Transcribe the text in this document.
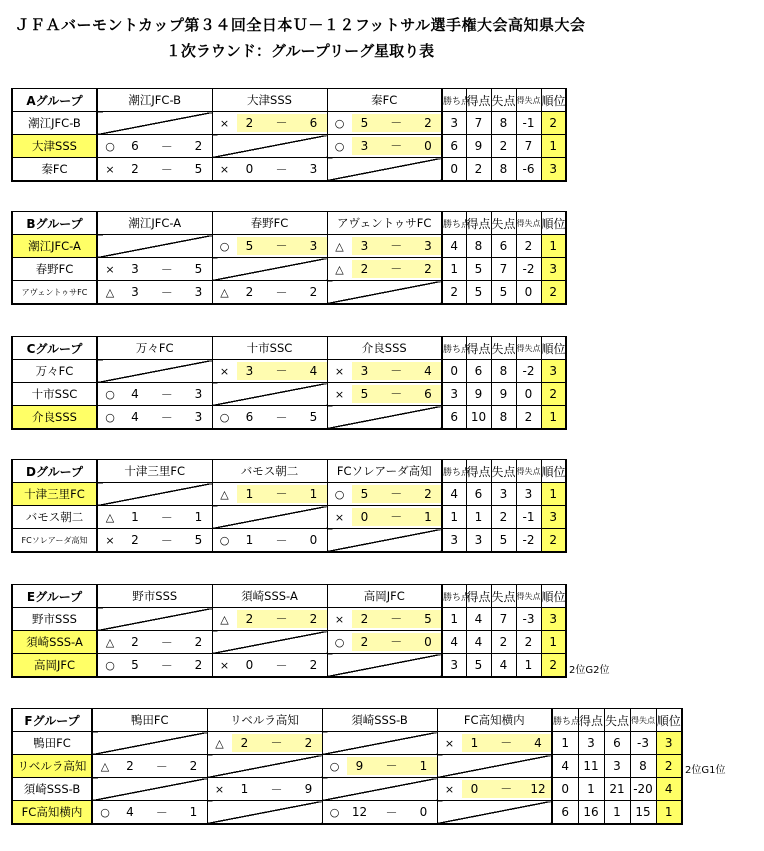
ＪＦＡバーモントカップ第３４回全日本Ｕ－１２フットサル選手権大会高知県大会
１次ラウンド：グループリーグ星取り表
Aグループ	潮江JFC-B	大津SSS	秦FC	勝ち点	得点	失点	得失点	順位
潮江JFC-B		× 2 － 6	○ 5 － 2	3	7	8	-1	2
大津SSS	○ 6 － 2		○ 3 － 0	6	9	2	7	1
秦FC	× 2 － 5	× 0 － 3		0	2	8	-6	3
Bグループ	潮江JFC-A	春野FC	アヴェントゥサFC	勝ち点	得点	失点	得失点	順位
潮江JFC-A		○ 5 － 3	△ 3 － 3	4	8	6	2	1
春野FC	× 3 － 5		△ 2 － 2	1	5	7	-2	3
アヴェントゥサFC	△ 3 － 3	△ 2 － 2		2	5	5	0	2
Cグループ	万々FC	十市SSC	介良SSS	勝ち点	得点	失点	得失点	順位
万々FC		× 3 － 4	× 3 － 4	0	6	8	-2	3
十市SSC	○ 4 － 3		× 5 － 6	3	9	9	0	2
介良SSS	○ 4 － 3	○ 6 － 5		6	10	8	2	1
Dグループ	十津三里FC	バモス朝二	FCソレアーダ高知	勝ち点	得点	失点	得失点	順位
十津三里FC		△ 1 － 1	○ 5 － 2	4	6	3	3	1
バモス朝二	△ 1 － 1		× 0 － 1	1	1	2	-1	3
FCソレアーダ高知	× 2 － 5	○ 1 － 0		3	3	5	-2	2
Eグループ	野市SSS	須崎SSS-A	高岡JFC	勝ち点	得点	失点	得失点	順位
野市SSS		△ 2 － 2	× 2 － 5	1	4	7	-3	3
須崎SSS-A	△ 2 － 2		○ 2 － 0	4	4	2	2	1
高岡JFC	○ 5 － 2	× 0 － 2		3	5	4	1	2 2位G2位
Fグループ	鴨田FC	リベルラ高知	須崎SSS-B	FC高知横内	勝ち点	得点	失点	得失点	順位
鴨田FC		△ 2 － 2		× 1 － 4	1	3	6	-3	3
リベルラ高知	△ 2 － 2		○ 9 － 1		4	11	3	8	2
須崎SSS-B		× 1 － 9		× 0 － 12	0	1	21	-20	4
FC高知横内	○ 4 － 1		○ 12 － 0		6	16	1	15	1
2位G1位
